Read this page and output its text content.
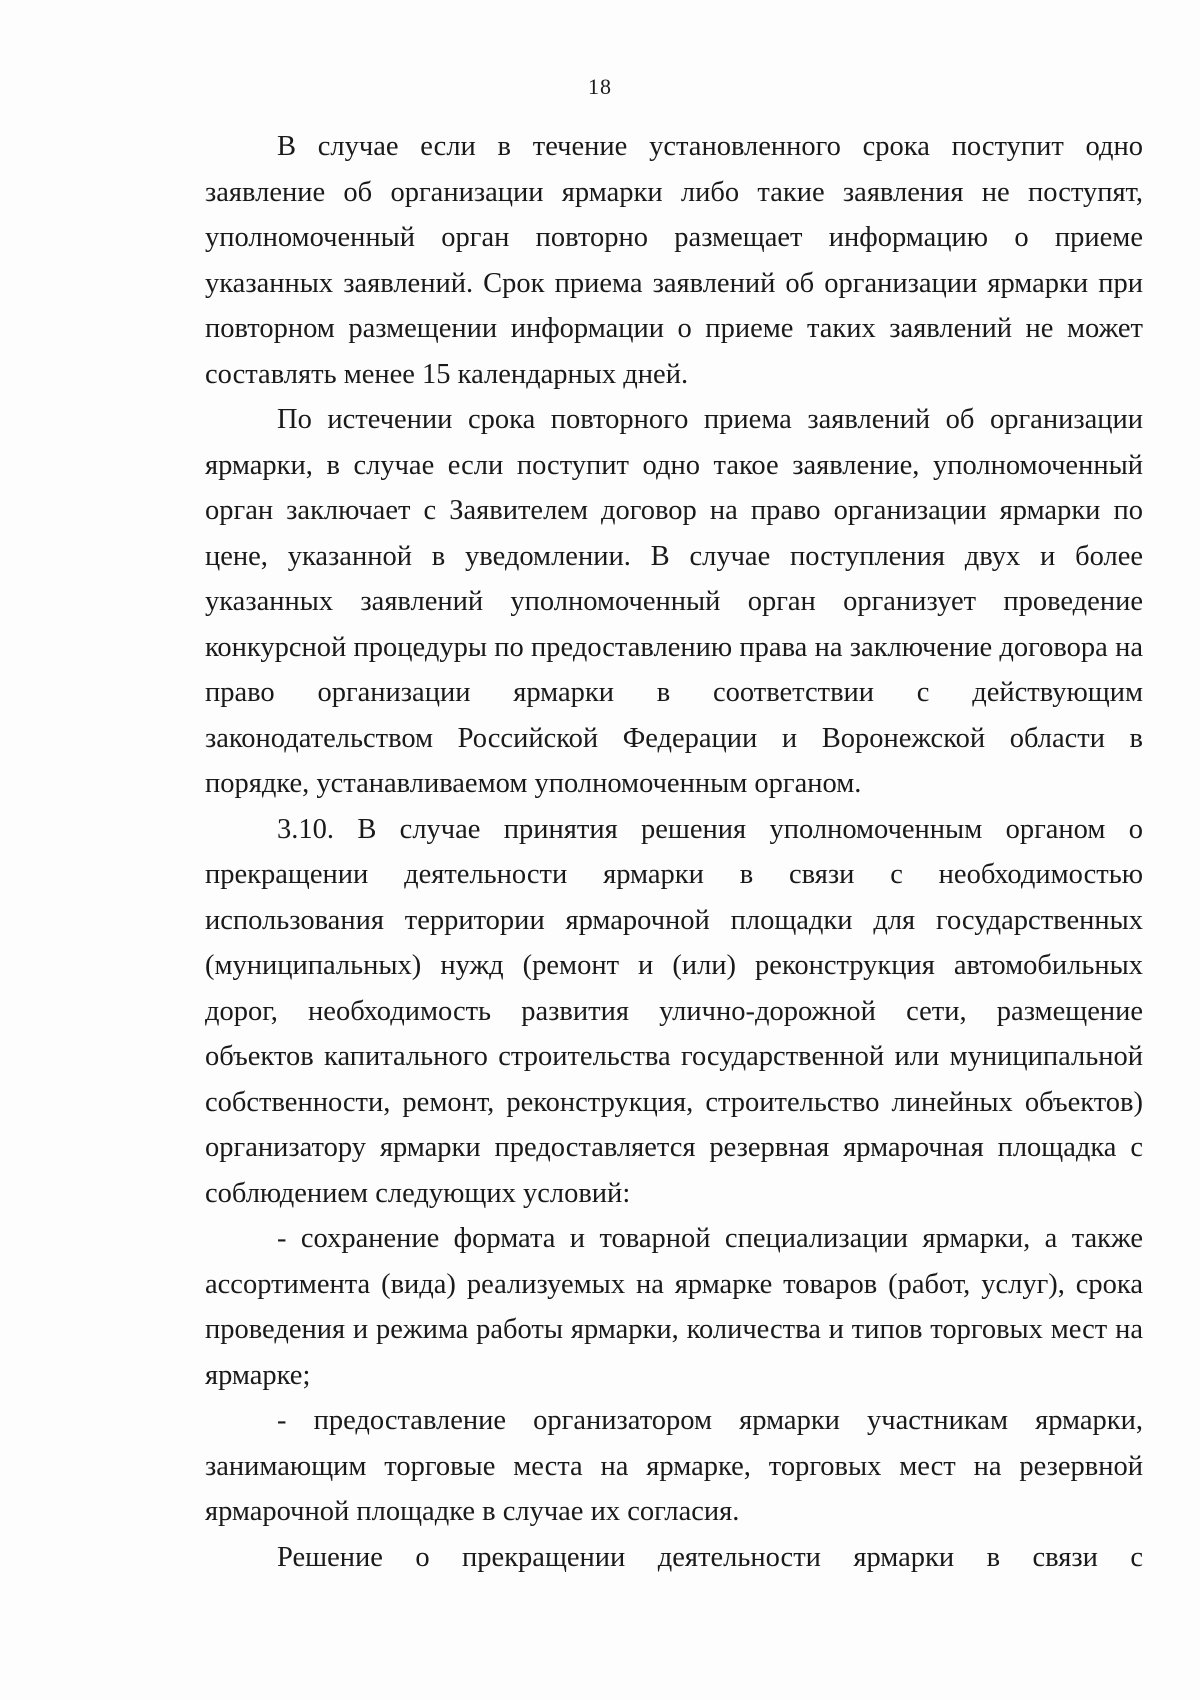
18

В случае если в течение установленного срока поступит одно заявление об организации ярмарки либо такие заявления не поступят, уполномоченный орган повторно размещает информацию о приеме указанных заявлений. Срок приема заявлений об организации ярмарки при повторном размещении информации о приеме таких заявлений не может составлять менее 15 календарных дней.

По истечении срока повторного приема заявлений об организации ярмарки, в случае если поступит одно такое заявление, уполномоченный орган заключает с Заявителем договор на право организации ярмарки по цене, указанной в уведомлении. В случае поступления двух и более указанных заявлений уполномоченный орган организует проведение конкурсной процедуры по предоставлению права на заключение договора на право организации ярмарки в соответствии с действующим законодательством Российской Федерации и Воронежской области в порядке, устанавливаемом уполномоченным органом.

3.10. В случае принятия решения уполномоченным органом о прекращении деятельности ярмарки в связи с необходимостью использования территории ярмарочной площадки для государственных (муниципальных) нужд (ремонт и (или) реконструкция автомобильных дорог, необходимость развития улично-дорожной сети, размещение объектов капитального строительства государственной или муниципальной собственности, ремонт, реконструкция, строительство линейных объектов) организатору ярмарки предоставляется резервная ярмарочная площадка с соблюдением следующих условий:

- сохранение формата и товарной специализации ярмарки, а также ассортимента (вида) реализуемых на ярмарке товаров (работ, услуг), срока проведения и режима работы ярмарки, количества и типов торговых мест на ярмарке;

- предоставление организатором ярмарки участникам ярмарки, занимающим торговые места на ярмарке, торговых мест на резервной ярмарочной площадке в случае их согласия.

Решение о прекращении деятельности ярмарки в связи с
